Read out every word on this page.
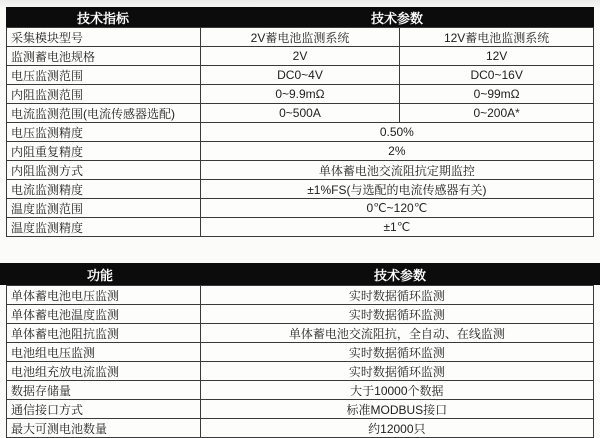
技术指标	技术参数
采集模块型号	2V蓄电池监测系统	12V蓄电池监测系统
监测蓄电池规格	2V	12V
电压监测范围	DC0~4V	DC0~16V
内阻监测范围	0~9.9mΩ	0~99mΩ
电流监测范围(电流传感器选配)	0~500A	0~200A*
电压监测精度	0.50%	
内阻重复精度	2%	
内阻监测方式	单体蓄电池交流阻抗定期监控	
电流监测精度	±1%FS(与选配的电流传感器有关)	
温度监测范围	0℃~120℃	
温度监测精度	±1℃	
功能	技术参数
单体蓄电池电压监测	实时数据循环监测
单体蓄电池温度监测	实时数据循环监测
单体蓄电池阻抗监测	单体蓄电池交流阻抗，全自动、在线监测
电池组电压监测	实时数据循环监测
电池组充放电流监测	实时数据循环监测
数据存储量	大于10000个数据
通信接口方式	标准MODBUS接口
最大可测电池数量	约12000只
